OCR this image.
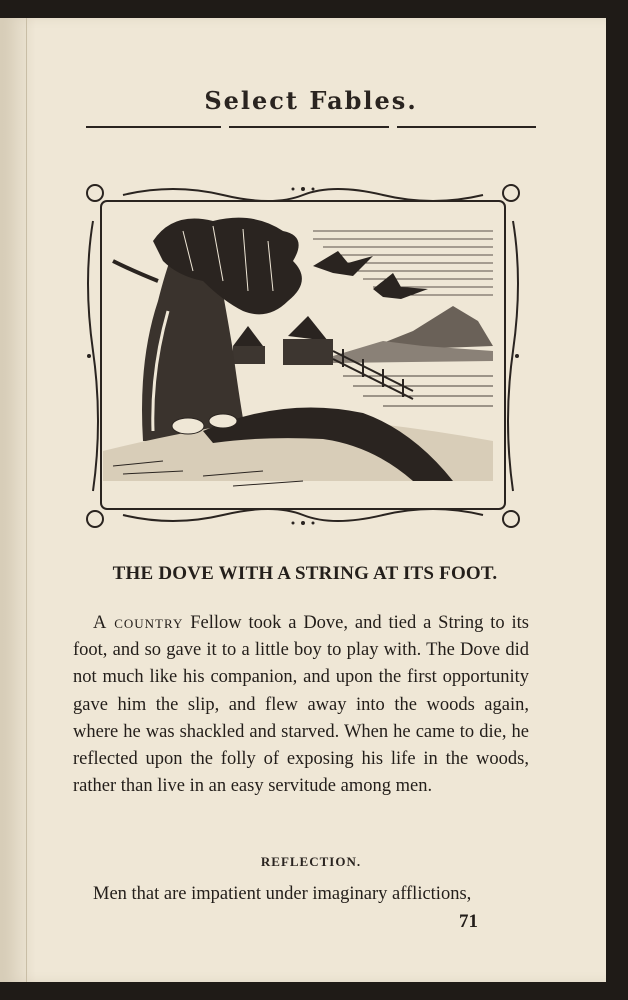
Select Fables.
THE DOVE WITH A STRING AT ITS FOOT.
A country Fellow took a Dove, and tied a String to its foot, and so gave it to a little boy to play with. The Dove did not much like his companion, and upon the first opportunity gave him the slip, and flew away into the woods again, where he was shackled and starved. When he came to die, he reflected upon the folly of exposing his life in the woods, rather than live in an easy servitude among men.
REFLECTION.
Men that are impatient under imaginary afflictions,
71
